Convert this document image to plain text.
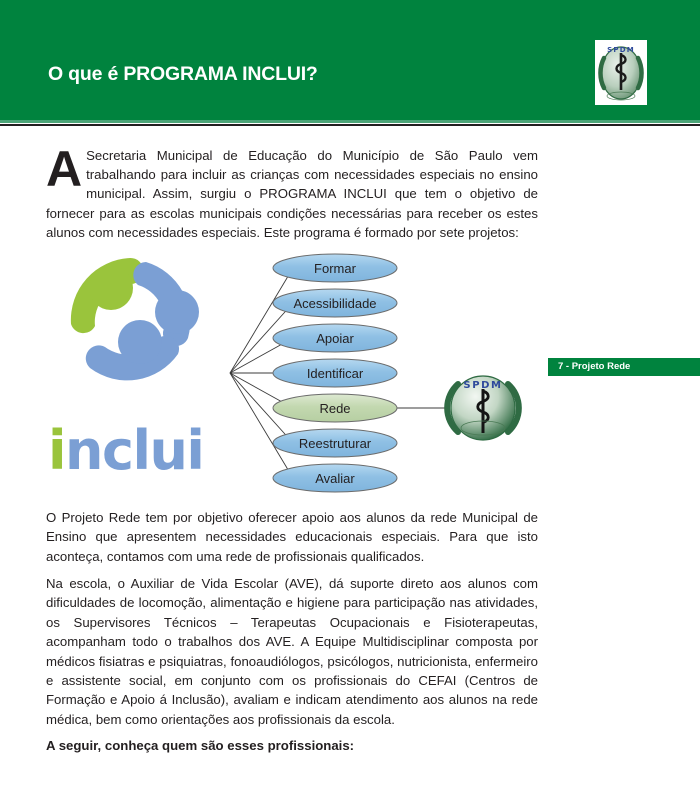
O que é PROGRAMA INCLUI?
SPDM
7 - Projeto Rede
A Secretaria Municipal de Educação do Município de São Paulo vem trabalhando para incluir as crianças com necessidades especiais no ensino municipal. Assim, surgiu o PROGRAMA INCLUI que tem o objetivo de fornecer para as escolas municipais condições necessárias para receber os estes alunos com necessidades especiais. Este programa é formado por sete projetos:
Formar
Acessibilidade
Apoiar
Identificar
Rede
Reestruturar
Avaliar
SPDM
inclui
O Projeto Rede tem por objetivo oferecer apoio aos alunos da rede Municipal de Ensino que apresentem necessidades educacionais especiais. Para que isto aconteça, contamos com uma rede de profissionais qualificados.
Na escola, o Auxiliar de Vida Escolar (AVE), dá suporte direto aos alunos com dificuldades de locomoção, alimentação e higiene para participação nas atividades, os Supervisores Técnicos – Terapeutas Ocupacionais e Fisioterapeutas, acompanham todo o trabalhos dos AVE. A Equipe Multidisciplinar composta por médicos fisiatras e psiquiatras, fonoaudiólogos, psicólogos, nutricionista, enfermeiro e assistente social, em conjunto com os profissionais do CEFAI (Centros de Formação e Apoio á Inclusão), avaliam e indicam atendimento aos alunos na rede médica, bem como orientações aos profissionais da escola.
A seguir, conheça quem são esses profissionais:
